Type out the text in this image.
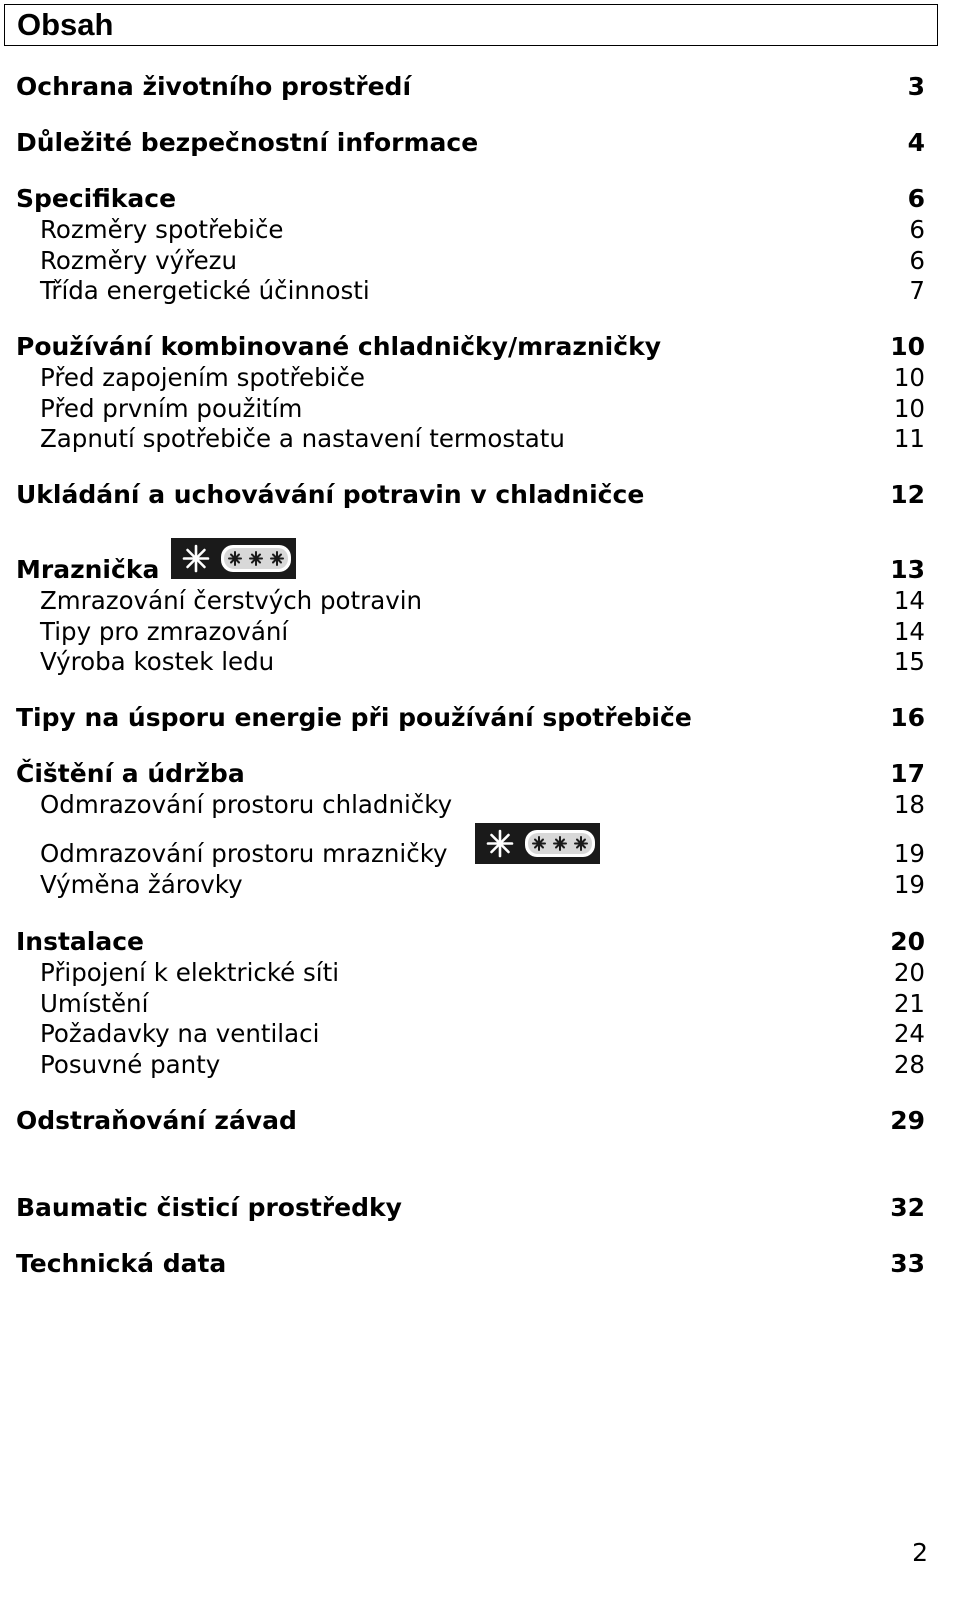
Obsah
Ochrana životního prostředí	3
Důležité bezpečnostní informace	4
Specifikace	6
Rozměry spotřebiče	6
Rozměry výřezu	6
Třída energetické účinnosti	7
Používání kombinované chladničky/mrazničky	10
Před zapojením spotřebiče	10
Před prvním použitím	10
Zapnutí spotřebiče a nastavení termostatu	11
Ukládání a uchovávání potravin v chladničce	12
Mraznička	13
Zmrazování čerstvých potravin	14
Tipy pro zmrazování	14
Výroba kostek ledu	15
Tipy na úsporu energie při používání spotřebiče	16
Čištění a údržba	17
Odmrazování prostoru chladničky	18
Odmrazování prostoru mrazničky	19
Výměna žárovky	19
Instalace	20
Připojení k elektrické síti	20
Umístění	21
Požadavky na ventilaci	24
Posuvné panty	28
Odstraňování závad	29
Baumatic čisticí prostředky	32
Technická data	33
2
